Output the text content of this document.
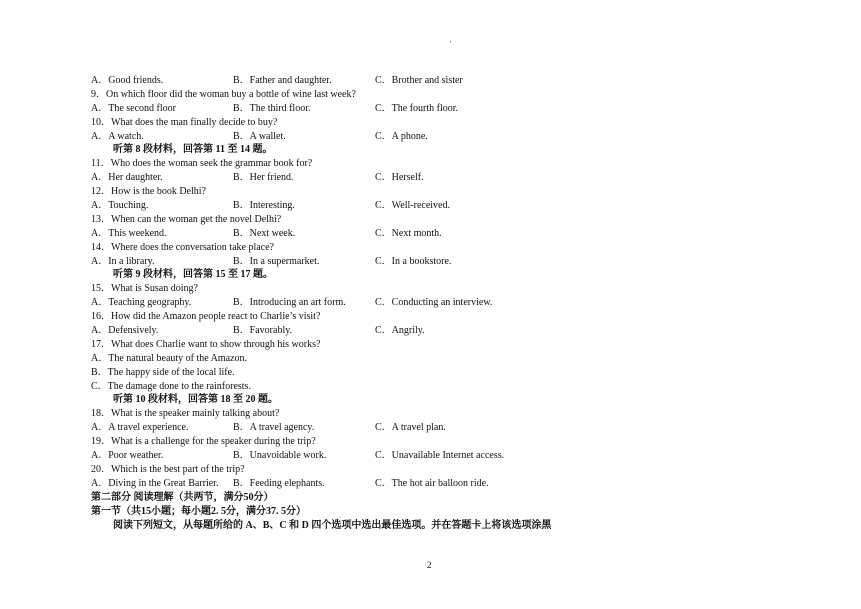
'
A．Good friends.	B．Father and daughter.	C．Brother and sister
9．On which floor did the woman buy a bottle of wine last week?
A．The second floor	B．The third floor.	C．The fourth floor.
10．What does the man finally decide to buy?
A．A watch.	B．A wallet.	C．A phone.
听第 8 段材料，回答第 11 至 14 题。
11．Who does the woman seek the grammar book for?
A．Her daughter.	B．Her friend.	C．Herself.
12．How is the book Delhi?
A．Touching.	B．Interesting.	C．Well-received.
13．When can the woman get the novel Delhi?
A．This weekend.	B．Next week.	C．Next month.
14．Where does the conversation take place?
A．In a library.	B．In a supermarket.	C．In a bookstore.
听第 9 段材料，回答第 15 至 17 题。
15．What is Susan doing?
A．Teaching geography.	B．Introducing an art form.	C．Conducting an interview.
16．How did the Amazon people react to Charlie’s visit?
A．Defensively.	B．Favorably.	C．Angrily.
17．What does Charlie want to show through his works?
A．The natural beauty of the Amazon.
B．The happy side of the local life.
C．The damage done to the rainforests.
听第 10 段材料，回答第 18 至 20 题。
18．What is the speaker mainly talking about?
A．A travel experience.	B．A travel agency.	C．A travel plan.
19．What is a challenge for the speaker during the trip?
A．Poor weather.	B．Unavoidable work.	C．Unavailable Internet access.
20．Which is the best part of the trip?
A．Diving in the Great Barrier. B．Feeding elephants.	C．The hot air balloon ride.
第二部分 阅读理解（共两节，满分50分）
第一节（共15小题；每小题2. 5分，满分37. 5分）
阅读下列短文，从每题所给的 A、B、C 和 D 四个选项中选出最佳选项。并在答题卡上将该选项涂黑
2
